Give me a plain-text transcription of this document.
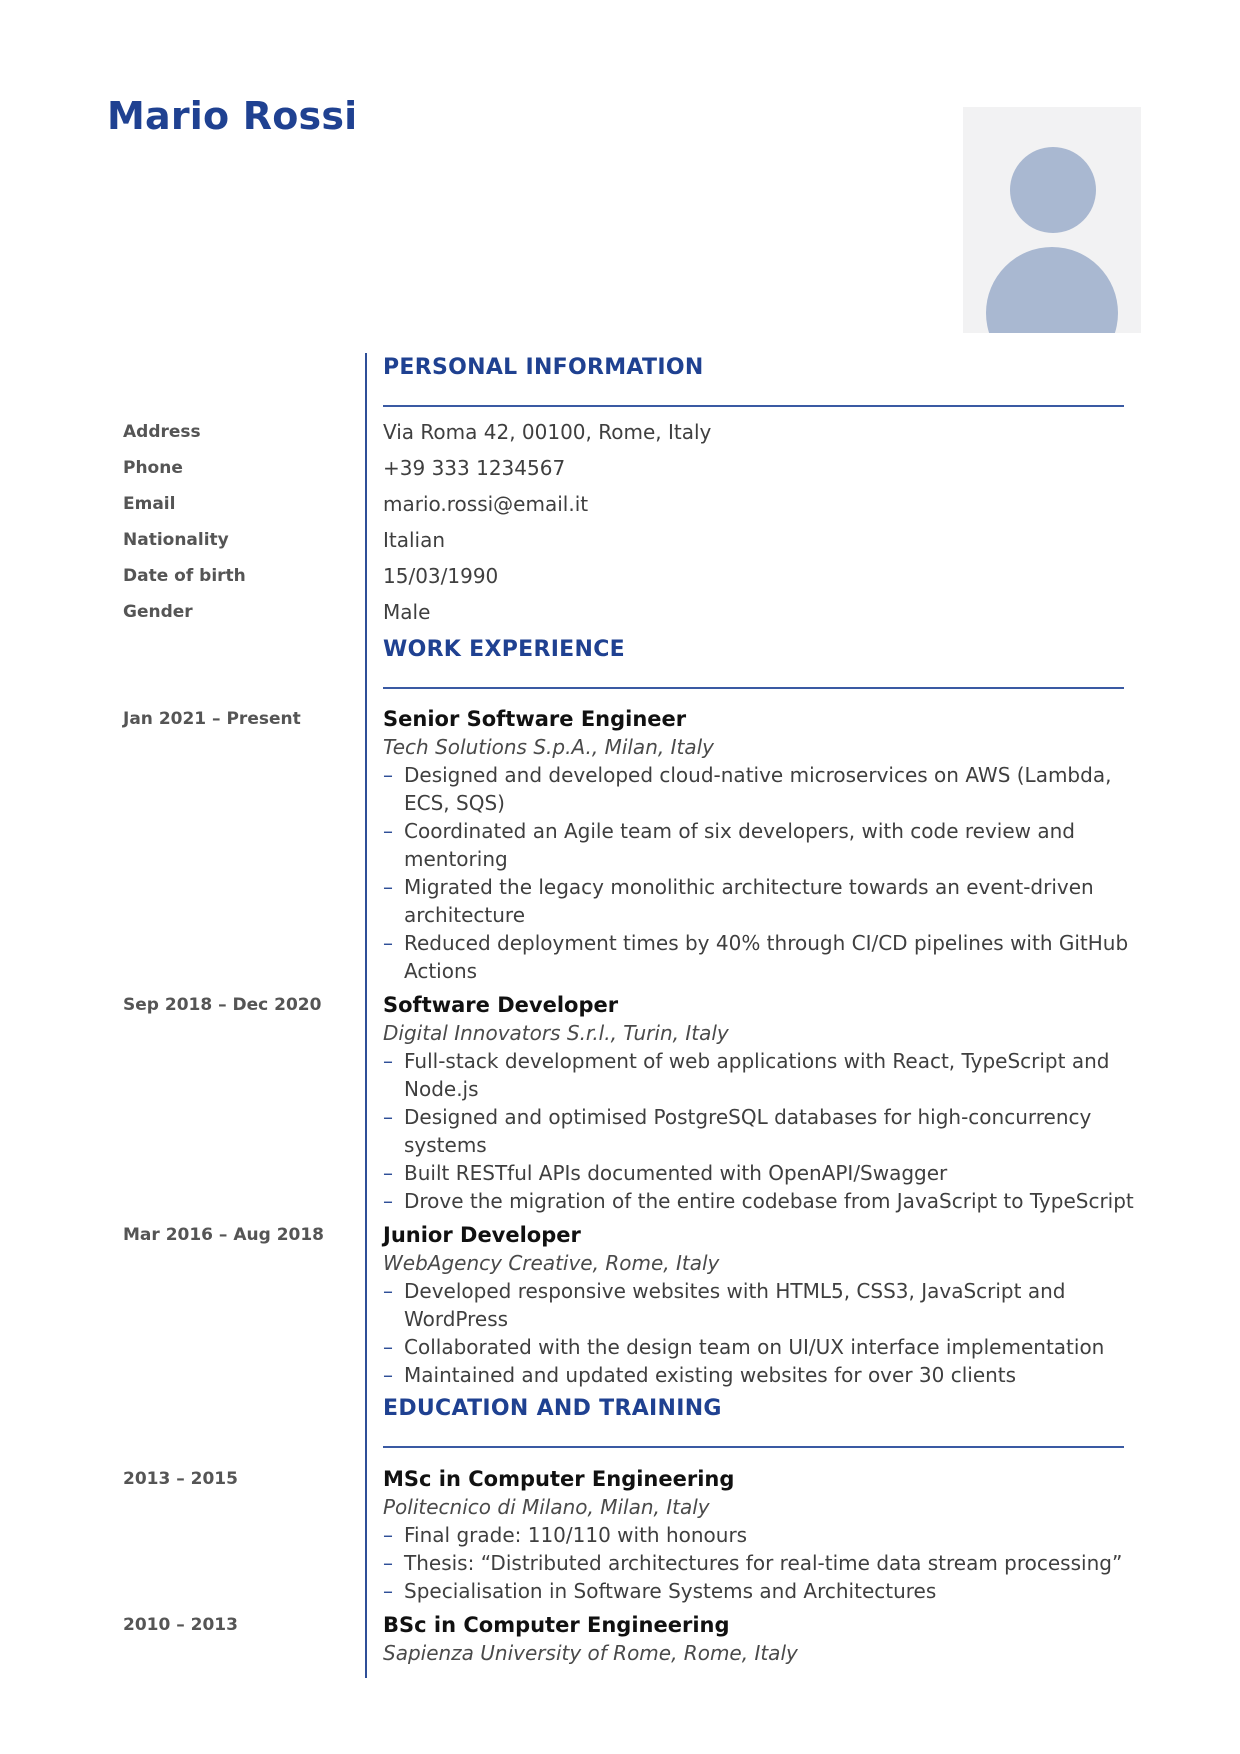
Mario Rossi
PERSONAL INFORMATION
Address	Via Roma 42, 00100, Rome, Italy
Phone	+39 333 1234567
Email	mario.rossi@email.it
Nationality	Italian
Date of birth	15/03/1990
Gender	Male
WORK EXPERIENCE
Jan 2021 – Present	Senior Software Engineer

Tech Solutions S.p.A., Milan, Italy

– Designed and developed cloud-native microservices on AWS (Lambda, ECS, SQS)
– Coordinated an Agile team of six developers, with code review and mentoring
– Migrated the legacy monolithic architecture towards an event-driven architecture
– Reduced deployment times by 40% through CI/CD pipelines with GitHub Actions
Sep 2018 – Dec 2020	Software Developer

Digital Innovators S.r.l., Turin, Italy

– Full-stack development of web applications with React, TypeScript and Node.js
– Designed and optimised PostgreSQL databases for high-concurrency systems
– Built RESTful APIs documented with OpenAPI/Swagger
– Drove the migration of the entire codebase from JavaScript to TypeScript
Mar 2016 – Aug 2018	Junior Developer

WebAgency Creative, Rome, Italy

– Developed responsive websites with HTML5, CSS3, JavaScript and WordPress
– Collaborated with the design team on UI/UX interface implementation
– Maintained and updated existing websites for over 30 clients
EDUCATION AND TRAINING
2013 – 2015	MSc in Computer Engineering

Politecnico di Milano, Milan, Italy

– Final grade: 110/110 with honours
– Thesis: “Distributed architectures for real-time data stream processing”
– Specialisation in Software Systems and Architectures
2010 – 2013	BSc in Computer Engineering

Sapienza University of Rome, Rome, Italy
